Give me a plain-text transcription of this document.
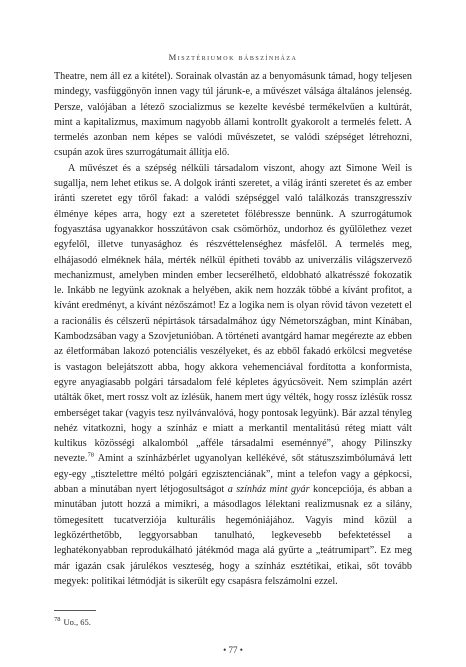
Misztériumok bábszínháza

Theatre, nem áll ez a kitétel). Sorainak olvastán az a benyomásunk támad, hogy teljesen mindegy, vasfüggönyön innen vagy túl járunk-e, a művészet válsága általános jelenség. Persze, valójában a létező szocializmus se kezelte kevésbé termékelvűen a kultúrát, mint a kapitalizmus, maximum nagyobb állami kontrollt gyakorolt a termelés felett. A termelés azonban nem képes se valódi művészetet, se valódi szépséget létrehozni, csupán azok üres szurrogátumait állítja elő.

A művészet és a szépség nélküli társadalom viszont, ahogy azt Simone Weil is sugallja, nem lehet etikus se. A dolgok iránti szeretet, a világ iránti szeretet és az ember iránti szeretet egy tőről fakad: a valódi szépséggel való találkozás transzgresszív élménye képes arra, hogy ezt a szeretetet fölébresszе bennünk. A szurrogátumok fogyasztása ugyanakkor hosszútávon csak csömörhöz, undorhoz és gyűlölethez vezet egyfelől, illetve tunyasághoz és részvéttelenséghez másfelől. A termelés meg, elhájasodó elméknek hála, mérték nélkül építheti tovább az univerzális világszervező mechanizmust, amelyben minden ember lecserélhető, eldobható alkatrésszé fokozatik le. Inkább ne legyünk azoknak a helyében, akik nem hozzák többé a kívánt profitot, a kívánt eredményt, a kívánt nézőszámot! Ez a logika nem is olyan rövid távon vezetett el a racionális és célszerű népirtások társadalmához úgy Németországban, mint Kínában, Kambodzsában vagy a Szovjetunióban. A történeti avantgárd hamar megérezte az ebben az életformában lakozó potenciális veszélyeket, és az ebből fakadó erkölcsi megvetése is vastagon belejátszott abba, hogy akkora vehemenciával fordította a konformista, egyre anyagiasabb polgári társadalom felé képletes ágyúcsöveit. Nem szimplán azért utálták őket, mert rossz volt az ízlésük, hanem mert úgy vélték, hogy rossz ízlésük rossz emberséget takar (vagyis tesz nyilvánvalóvá, hogy pontosak legyünk). Bár azzal tényleg nehéz vitatkozni, hogy a színház e miatt a merkantil mentalitású réteg miatt vált kultikus közösségi alkalomból „afféle társadalmi eseménnyé”, ahogy Pilinszky nevezte.$^{78}$ Amint a színházbérlet ugyanolyan kellékévé, sőt státuszszimbólumává lett egy-egy „tisztelettre méltó polgári egzisztenciának”, mint a telefon vagy a gépkocsi, abban a minutában nyert létjogosultságot a színház mint gyár koncepciója, és abban a minutában jutott hozzá a mimikri, a másodlagos lélektani realizmusnak ez a silány, tömegesített tucatverziója kulturális hegemóniájához. Vagyis mind közül a legközérthetőbb, leggyorsabban tanulható, legkevesebb befektetéssel a leghatékonyabban reprodukálható játékmód maga alá gyűrte a „teátrumipart”. Ez meg már igazán csak járulékos veszteség, hogy a színház esztétikai, etikai, sőt tovább megyek: politikai létmódját is sikerült egy csapásra felszámolni ezzel.

$^{78}$ Uo., 65.
• 77 •
